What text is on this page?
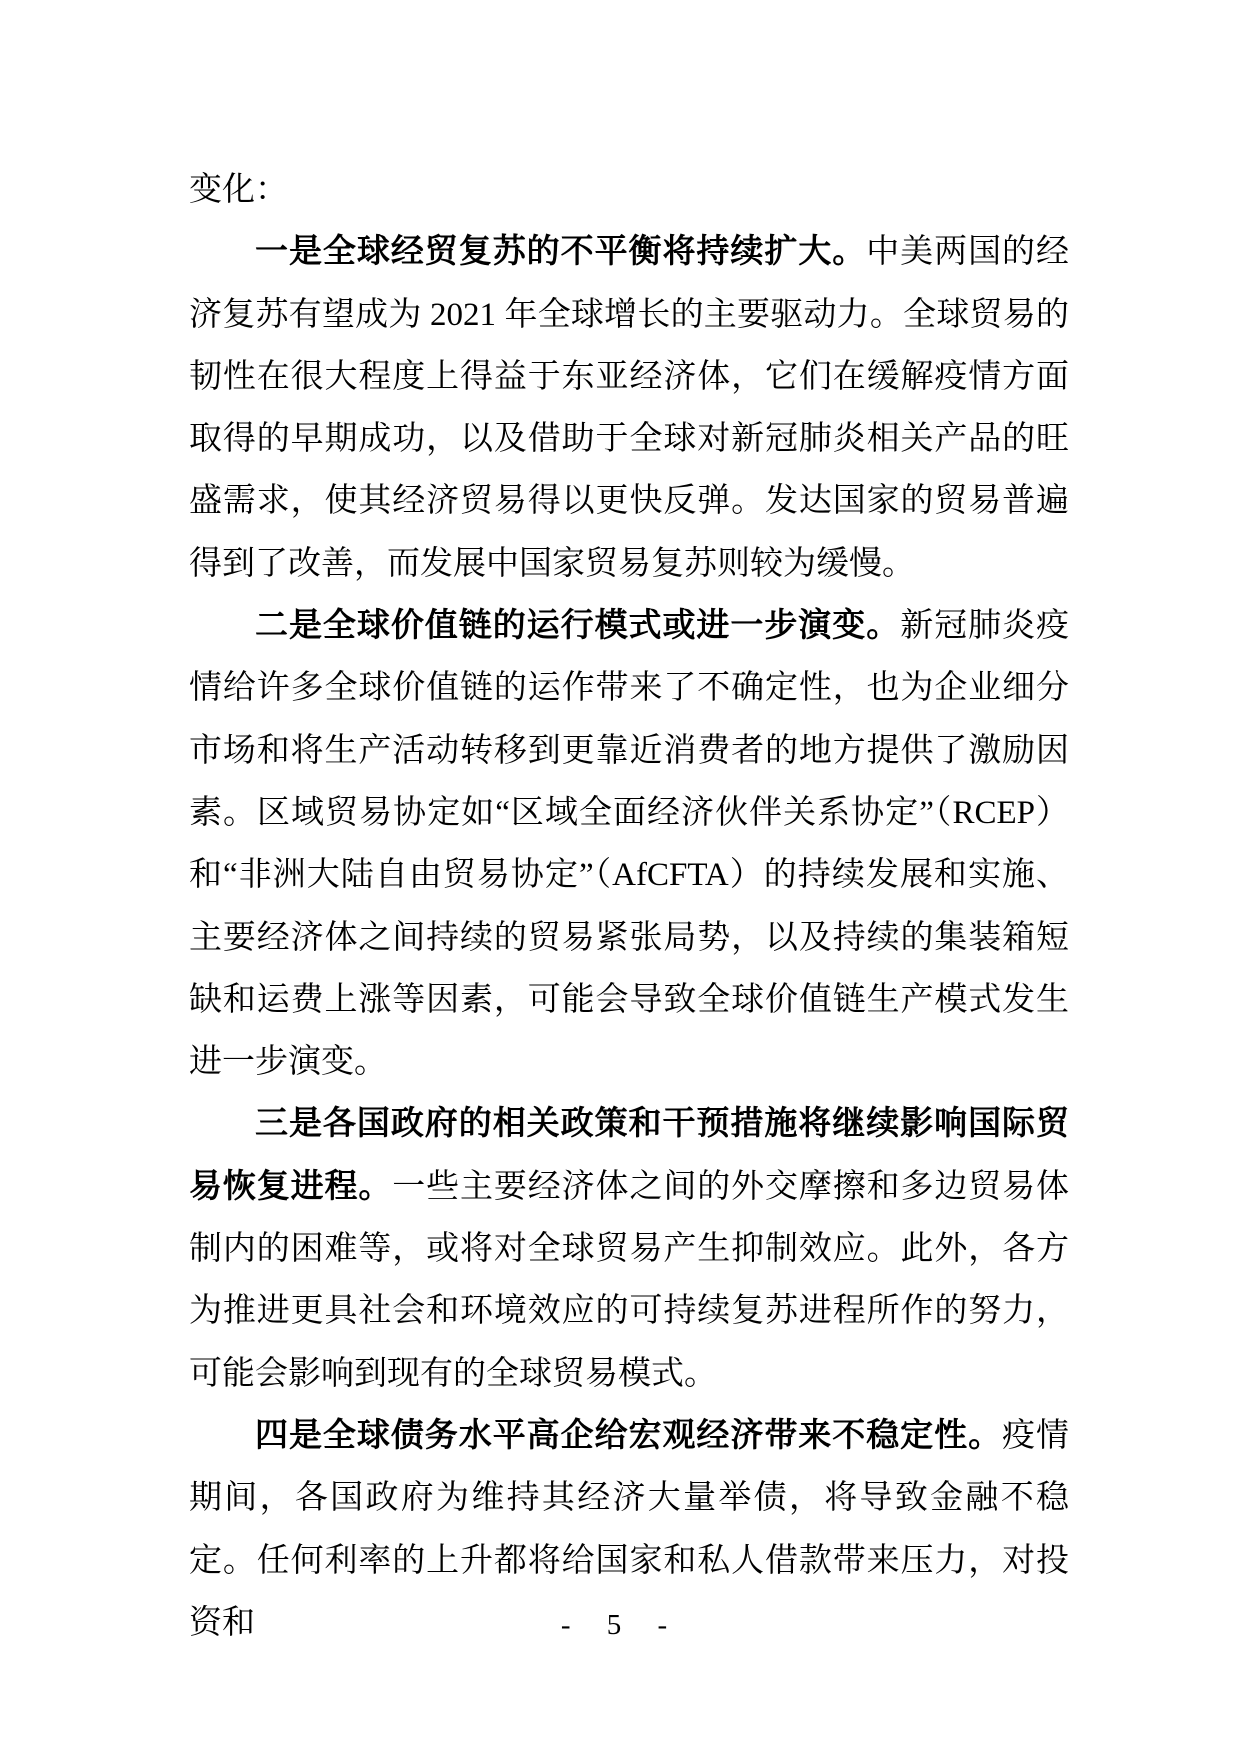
变化：

一是全球经贸复苏的不平衡将持续扩大。中美两国的经济复苏有望成为 2021 年全球增长的主要驱动力。全球贸易的韧性在很大程度上得益于东亚经济体，它们在缓解疫情方面取得的早期成功，以及借助于全球对新冠肺炎相关产品的旺盛需求，使其经济贸易得以更快反弹。发达国家的贸易普遍得到了改善，而发展中国家贸易复苏则较为缓慢。

二是全球价值链的运行模式或进一步演变。新冠肺炎疫情给许多全球价值链的运作带来了不确定性，也为企业细分市场和将生产活动转移到更靠近消费者的地方提供了激励因素。区域贸易协定如“区域全面经济伙伴关系协定”（RCEP）和“非洲大陆自由贸易协定”（AfCFTA）的持续发展和实施、主要经济体之间持续的贸易紧张局势，以及持续的集装箱短缺和运费上涨等因素，可能会导致全球价值链生产模式发生进一步演变。

三是各国政府的相关政策和干预措施将继续影响国际贸易恢复进程。一些主要经济体之间的外交摩擦和多边贸易体制内的困难等，或将对全球贸易产生抑制效应。此外，各方为推进更具社会和环境效应的可持续复苏进程所作的努力，可能会影响到现有的全球贸易模式。

四是全球债务水平高企给宏观经济带来不稳定性。疫情期间，各国政府为维持其经济大量举债，将导致金融不稳定。任何利率的上升都将给国家和私人借款带来压力，对投资和	- 5 -
